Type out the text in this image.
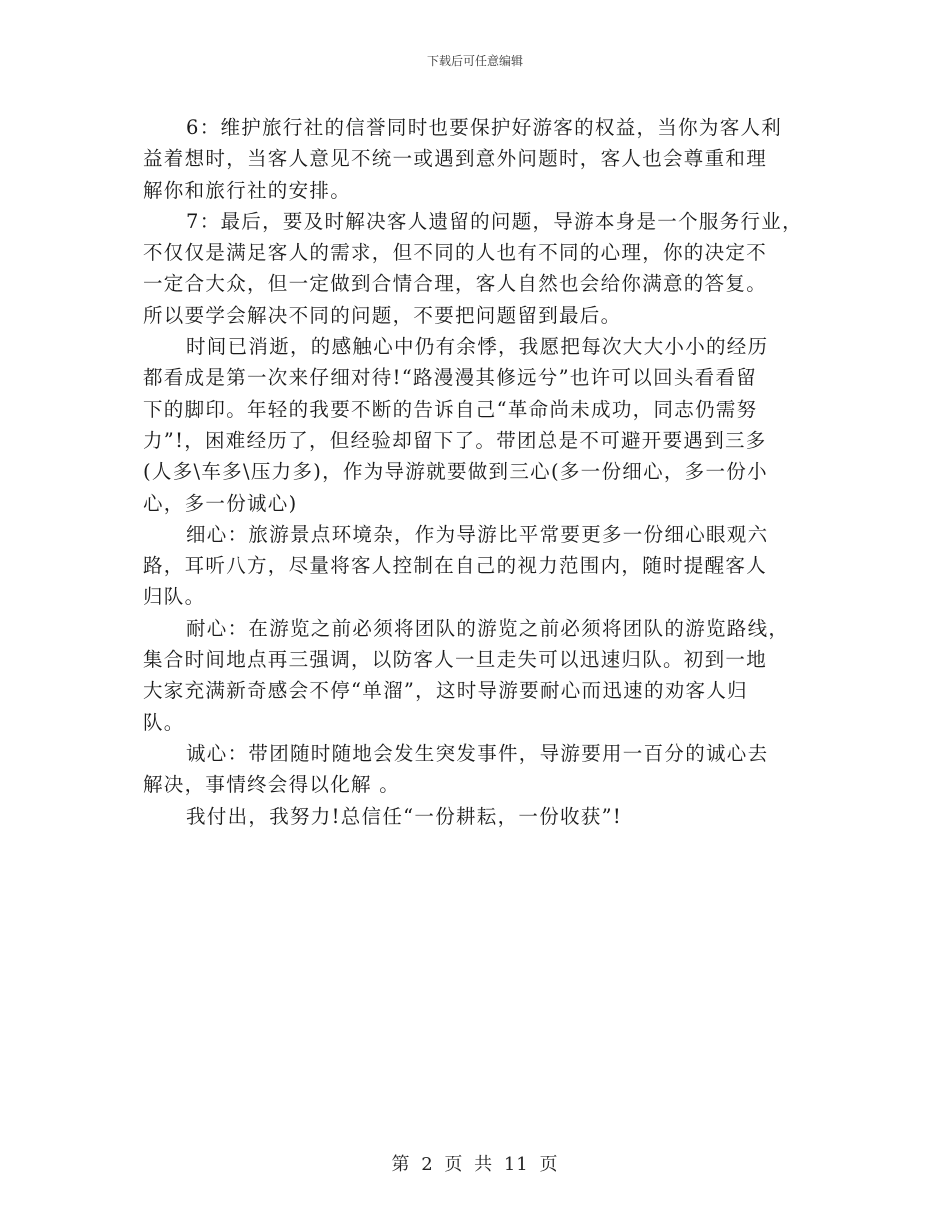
下载后可任意编辑

6：维护旅行社的信誉同时也要保护好游客的权益，当你为客人利
益着想时，当客人意见不统一或遇到意外问题时，客人也会尊重和理
解你和旅行社的安排。

7：最后，要及时解决客人遗留的问题，导游本身是一个服务行业，
不仅仅是满足客人的需求，但不同的人也有不同的心理，你的决定不
一定合大众，但一定做到合情合理，客人自然也会给你满意的答复。
所以要学会解决不同的问题，不要把问题留到最后。

时间已消逝，的感触心中仍有余悸，我愿把每次大大小小的经历
都看成是第一次来仔细对待!“路漫漫其修远兮”也许可以回头看看留
下的脚印。年轻的我要不断的告诉自己“革命尚未成功，同志仍需努
力”!，困难经历了，但经验却留下了。带团总是不可避开要遇到三多
(人多\车多\压力多)，作为导游就要做到三心(多一份细心，多一份小
心，多一份诚心)

细心：旅游景点环境杂，作为导游比平常要更多一份细心眼观六
路，耳听八方，尽量将客人控制在自己的视力范围内，随时提醒客人
归队。

耐心：在游览之前必须将团队的游览之前必须将团队的游览路线，
集合时间地点再三强调，以防客人一旦走失可以迅速归队。初到一地
大家充满新奇感会不停“单溜”，这时导游要耐心而迅速的劝客人归
队。

诚心：带团随时随地会发生突发事件，导游要用一百分的诚心去
解决，事情终会得以化解 。

我付出，我努力!总信任“一份耕耘，一份收获”!

第 2 页 共 11 页
